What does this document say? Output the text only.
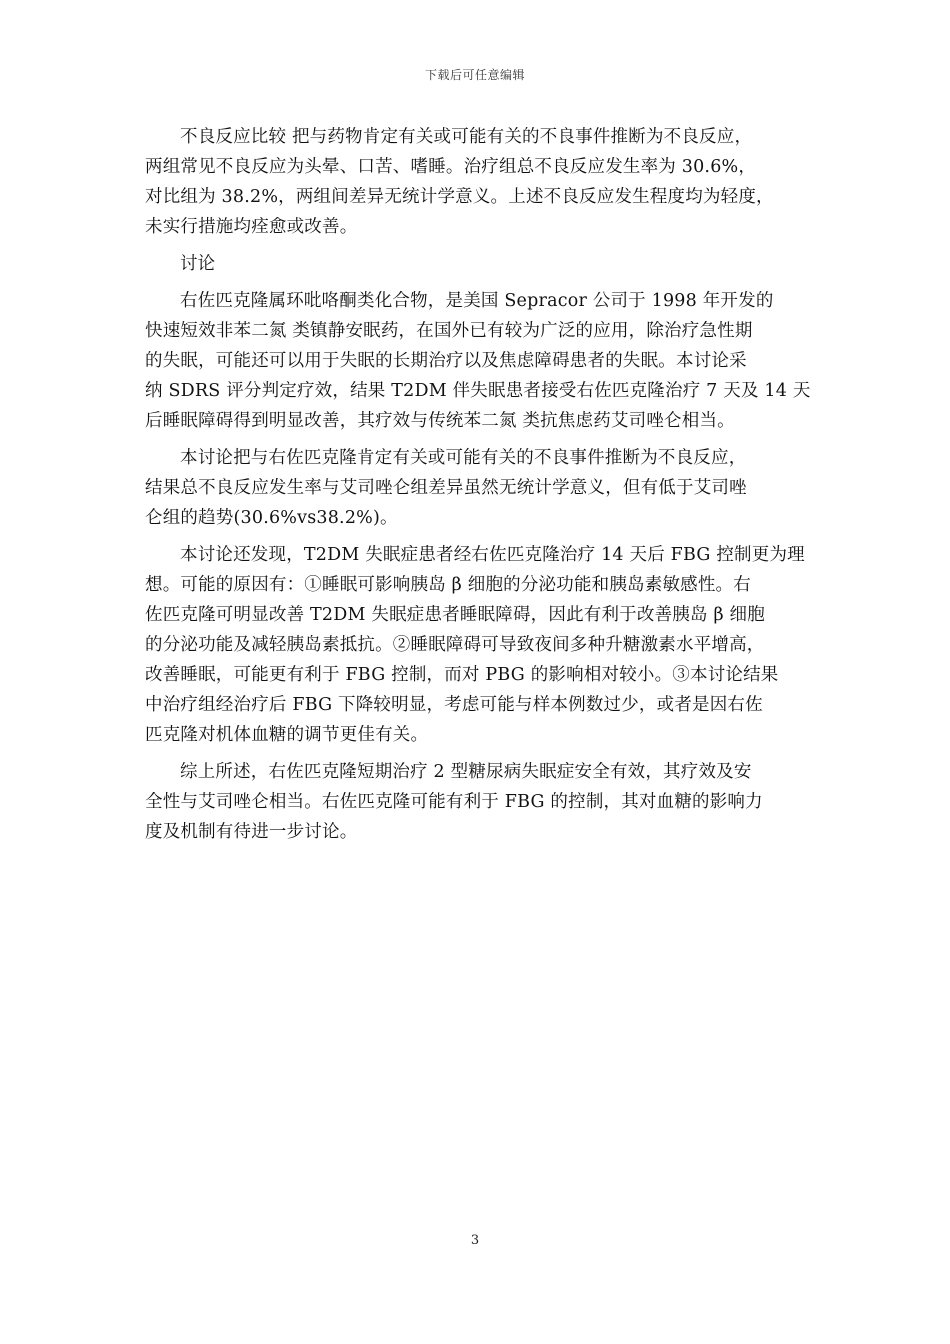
下载后可任意编辑
不良反应比较 把与药物肯定有关或可能有关的不良事件推断为不良反应，
两组常见不良反应为头晕、口苦、嗜睡。治疗组总不良反应发生率为 30.6%，
对比组为 38.2%，两组间差异无统计学意义。上述不良反应发生程度均为轻度，
未实行措施均痊愈或改善。
讨论
右佐匹克隆属环吡咯酮类化合物，是美国 Sepracor 公司于 1998 年开发的
快速短效非苯二氮 类镇静安眠药，在国外已有较为广泛的应用，除治疗急性期
的失眠，可能还可以用于失眠的长期治疗以及焦虑障碍患者的失眠。本讨论采
纳 SDRS 评分判定疗效，结果 T2DM 伴失眠患者接受右佐匹克隆治疗 7 天及 14 天
后睡眠障碍得到明显改善，其疗效与传统苯二氮 类抗焦虑药艾司唑仑相当。
本讨论把与右佐匹克隆肯定有关或可能有关的不良事件推断为不良反应，
结果总不良反应发生率与艾司唑仑组差异虽然无统计学意义，但有低于艾司唑
仑组的趋势(30.6%vs38.2%)。
本讨论还发现，T2DM 失眠症患者经右佐匹克隆治疗 14 天后 FBG 控制更为理
想。可能的原因有：①睡眠可影响胰岛 β 细胞的分泌功能和胰岛素敏感性。右
佐匹克隆可明显改善 T2DM 失眠症患者睡眠障碍，因此有利于改善胰岛 β 细胞
的分泌功能及减轻胰岛素抵抗。②睡眠障碍可导致夜间多种升糖激素水平增高，
改善睡眠，可能更有利于 FBG 控制，而对 PBG 的影响相对较小。③本讨论结果
中治疗组经治疗后 FBG 下降较明显，考虑可能与样本例数过少，或者是因右佐
匹克隆对机体血糖的调节更佳有关。
综上所述，右佐匹克隆短期治疗 2 型糖尿病失眠症安全有效，其疗效及安
全性与艾司唑仑相当。右佐匹克隆可能有利于 FBG 的控制，其对血糖的影响力
度及机制有待进一步讨论。
3
